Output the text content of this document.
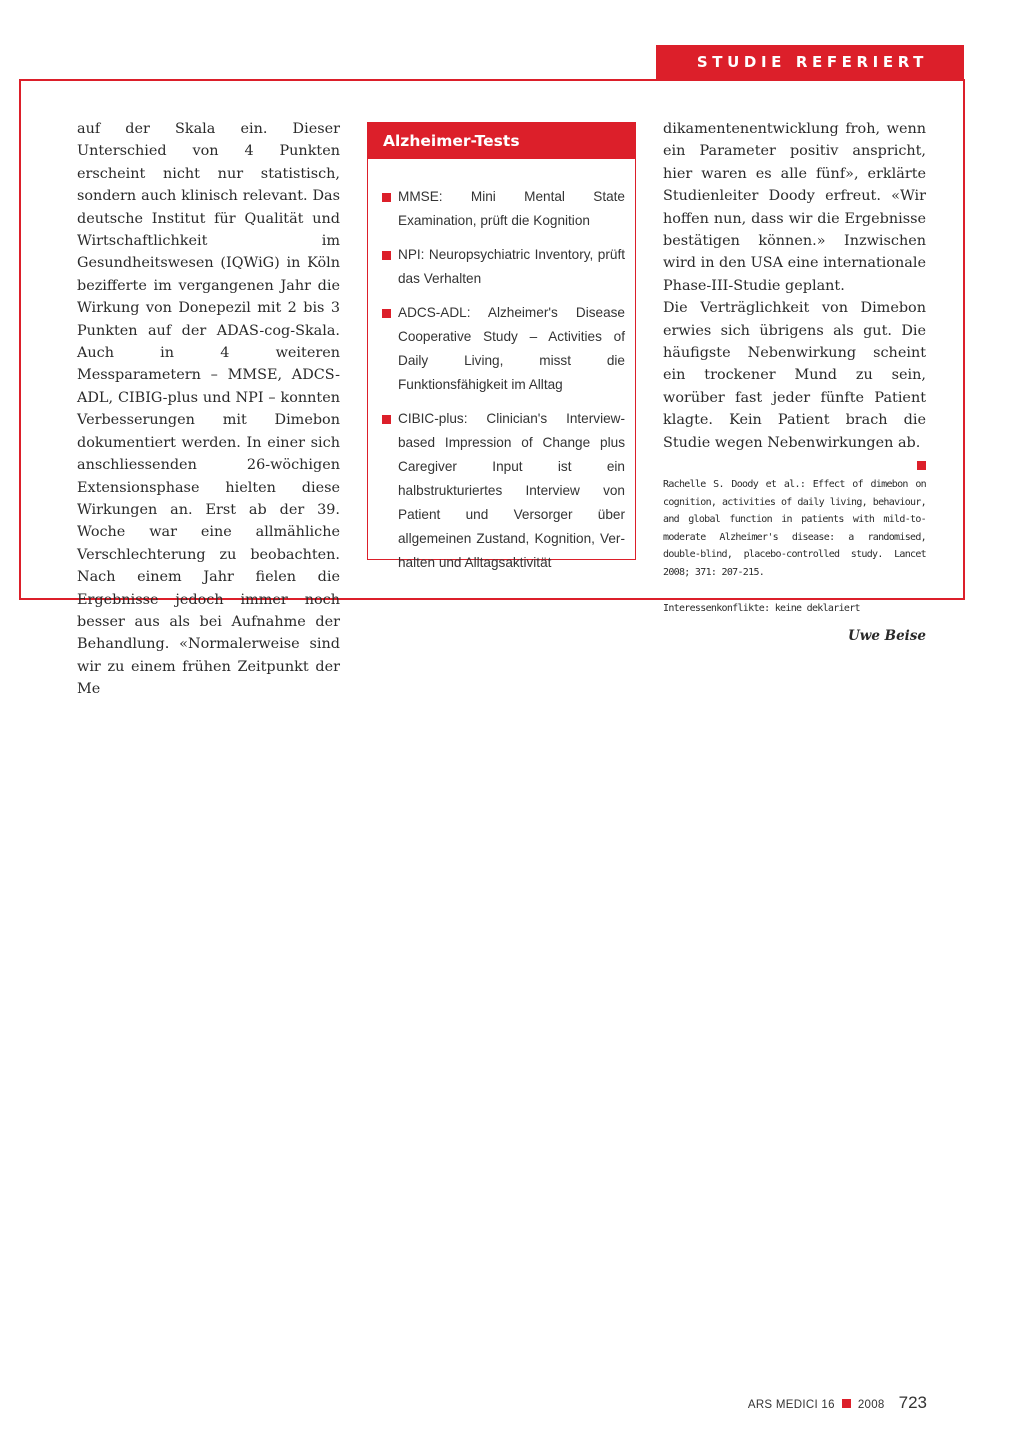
STUDIE REFERIERT

auf der Skala ein. Dieser Unterschied von 4 Punkten erscheint nicht nur statistisch, sondern auch klinisch relevant. Das deutsche Institut für Qualität und Wirtschaftlichkeit im Gesundheitswesen (IQWiG) in Köln bezifferte im vergangenen Jahr die Wirkung von Donepezil mit 2 bis 3 Punkten auf der ADAS-cog-Skala. Auch in 4 weiteren Messparametern – MMSE, ADCS-ADL, CIBIG-plus und NPI – konnten Verbesserungen mit Dimebon dokumentiert werden. In einer sich anschliessenden 26-wöchigen Extensionsphase hielten diese Wirkungen an. Erst ab der 39. Woche war eine allmähliche Verschlechterung zu beobachten. Nach einem Jahr fielen die Ergebnisse jedoch immer noch besser aus als bei Aufnahme der Behandlung. «Normalerweise sind wir zu einem frühen Zeitpunkt der Me

Alzheimer-Tests
MMSE: Mini Mental State Examination, prüft die Kognition
NPI: Neuropsychiatric Inventory, prüft das Verhalten
ADCS-ADL: Alzheimer's Disease Cooperative Study – Activities of Daily Living, misst die Funktionsfähigkeit im Alltag
CIBIC-plus: Clinician's Interview-based Impression of Change plus Caregiver Input ist ein halbstrukturiertes Interview von Patient und Versorger über allgemeinen Zustand, Kognition, Verhalten und Alltagsaktivität

dikamentenentwicklung froh, wenn ein Parameter positiv anspricht, hier waren es alle fünf», erklärte Studienleiter Doody erfreut. «Wir hoffen nun, dass wir die Ergebnisse bestätigen können.» Inzwischen wird in den USA eine internationale Phase-III-Studie geplant.

Die Verträglichkeit von Dimebon erwies sich übrigens als gut. Die häufigste Nebenwirkung scheint ein trockener Mund zu sein, worüber fast jeder fünfte Patient klagte. Kein Patient brach die Studie wegen Nebenwirkungen ab.

Rachelle S. Doody et al.: Effect of dimebon on cognition, activities of daily living, behaviour, and global function in patients with mild-to-moderate Alzheimer's disease: a randomised, double-blind, placebo-controlled study. Lancet 2008; 371: 207-215.

Interessenkonflikte: keine deklariert

Uwe Beise

ARS MEDICI 16 2008 723
